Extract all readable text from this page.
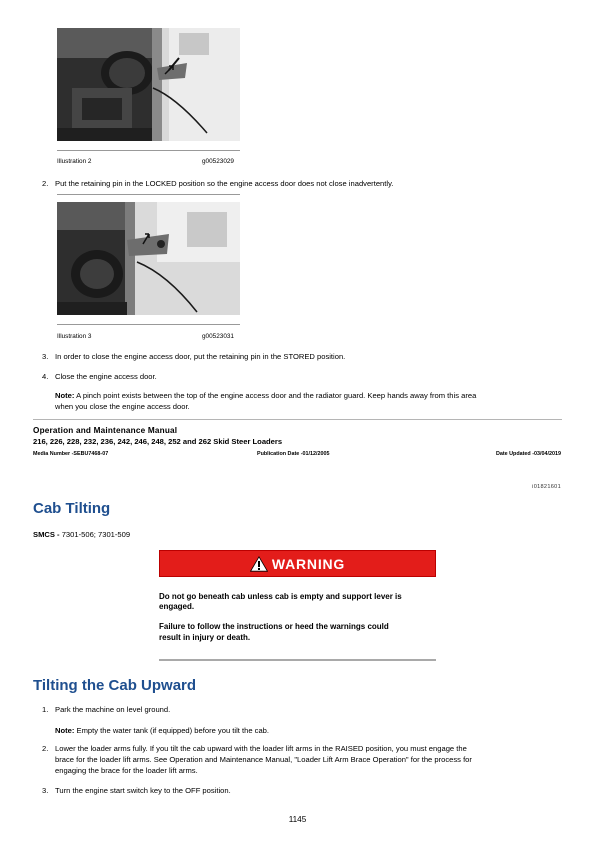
Illustration 2	g00523029
2. Put the retaining pin in the LOCKED position so the engine access door does not close inadvertently.
Illustration 3	g00523031
3. In order to close the engine access door, put the retaining pin in the STORED position.
4. Close the engine access door.
Note: A pinch point exists between the top of the engine access door and the radiator guard. Keep hands away from this area
when you close the engine access door.
Operation and Maintenance Manual
216, 226, 228, 232, 236, 242, 246, 248, 252 and 262 Skid Steer Loaders
Media Number -SEBU7468-07	Publication Date -01/12/2005	Date Updated -03/04/2019
i01821601
Cab Tilting
SMCS - 7301-506; 7301-509
WARNING
Do not go beneath cab unless cab is empty and support lever is
engaged.
Failure to follow the instructions or heed the warnings could
result in injury or death.
Tilting the Cab Upward
1. Park the machine on level ground.
Note: Empty the water tank (if equipped) before you tilt the cab.
2. Lower the loader arms fully. If you tilt the cab upward with the loader lift arms in the RAISED position, you must engage the
brace for the loader lift arms. See Operation and Maintenance Manual, "Loader Lift Arm Brace Operation" for the process for
engaging the brace for the loader lift arms.
3. Turn the engine start switch key to the OFF position.
1145
